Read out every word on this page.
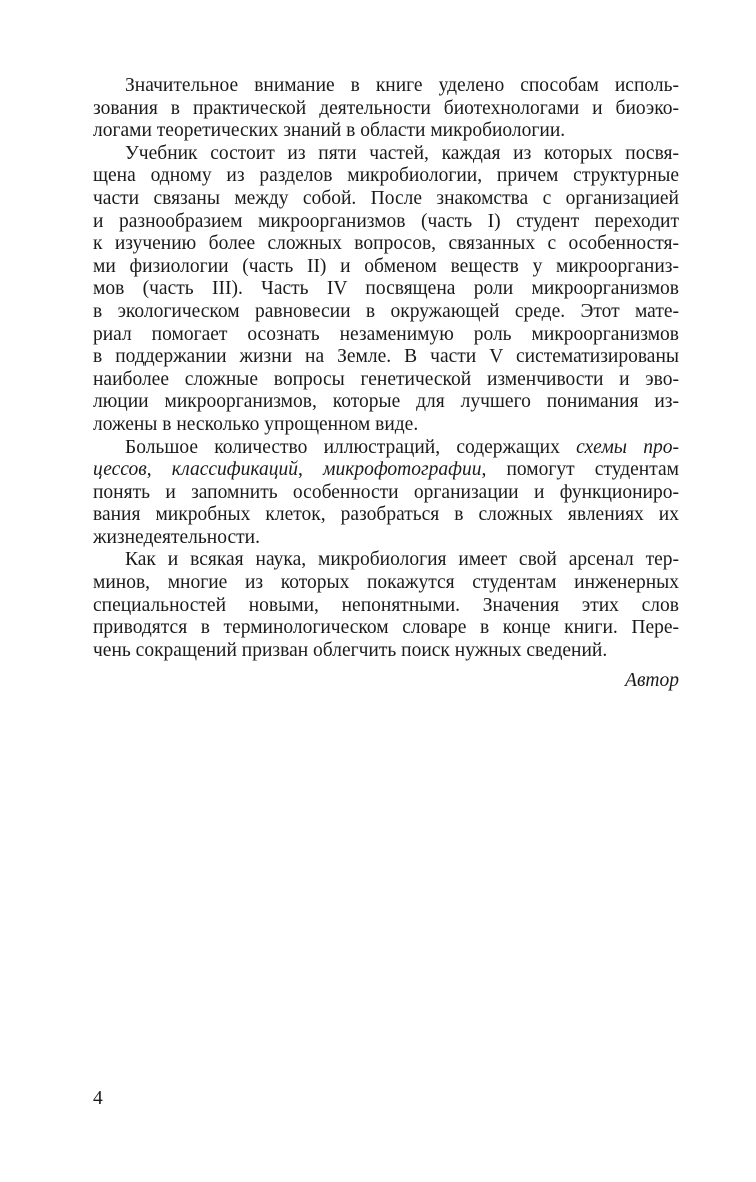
Значительное внимание в книге уделено способам исполь-
зования в практической деятельности биотехнологами и биоэко-
логами теоретических знаний в области микробиологии.
Учебник состоит из пяти частей, каждая из которых посвя-
щена одному из разделов микробиологии, причем структурные
части связаны между собой. После знакомства с организацией
и разнообразием микроорганизмов (часть I) студент переходит
к изучению более сложных вопросов, связанных с особенностя-
ми физиологии (часть II) и обменом веществ у микроорганиз-
мов (часть III). Часть IV посвящена роли микроорганизмов
в экологическом равновесии в окружающей среде. Этот мате-
риал помогает осознать незаменимую роль микроорганизмов
в поддержании жизни на Земле. В части V систематизированы
наиболее сложные вопросы генетической изменчивости и эво-
люции микроорганизмов, которые для лучшего понимания из-
ложены в несколько упрощенном виде.
Большое количество иллюстраций, содержащих схемы про-
цессов, классификаций, микрофотографии, помогут студентам
понять и запомнить особенности организации и функциониро-
вания микробных клеток, разобраться в сложных явлениях их
жизнедеятельности.
Как и всякая наука, микробиология имеет свой арсенал тер-
минов, многие из которых покажутся студентам инженерных
специальностей новыми, непонятными. Значения этих слов
приводятся в терминологическом словаре в конце книги. Пере-
чень сокращений призван облегчить поиск нужных сведений.
Автор
4
